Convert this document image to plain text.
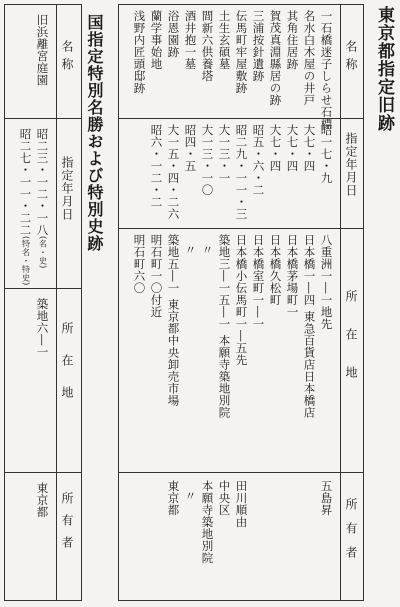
東京都指定旧跡
名称
指定年月日
所在地
所有者
一石橋迷子しらせ石標
名水白木屋の井戸
其角住居跡
賀茂真淵縣居の跡
三浦按針遺跡
伝馬町牢屋敷跡
土生玄碩墓
間新六供養塔
酒井抱一墓
浴恩園跡
蘭学事始地
浅野内匠頭邸跡
昭一七・九
大七・四
大七・四
大七・四
昭五・六・二
昭二九・一一・三
大一三・一
大一三・一〇
昭四・五
大一五・四・二六
昭六・一二・二
八重洲一―一地先
日本橋一―四 東急百貨店日本橋店
日本橋茅場町一
日本橋久松町
日本橋室町一―一
日本橋小伝馬町一―五先
築地三―一五―一 本願寺築地別院
〃
〃
築地五―一 東京都中央卸売市場
明石町一〇付近
明石町六〇
五島昇
田川順由
中央区
本願寺築地別院
〃
東京都
国指定特別名勝および特別史跡
名称
指定年月日
所在地
所有者
旧浜離宮庭園
昭二三・一二・一八(名・史)
昭二七・一一・二二(特名・特史)
築地六―一
東京都
